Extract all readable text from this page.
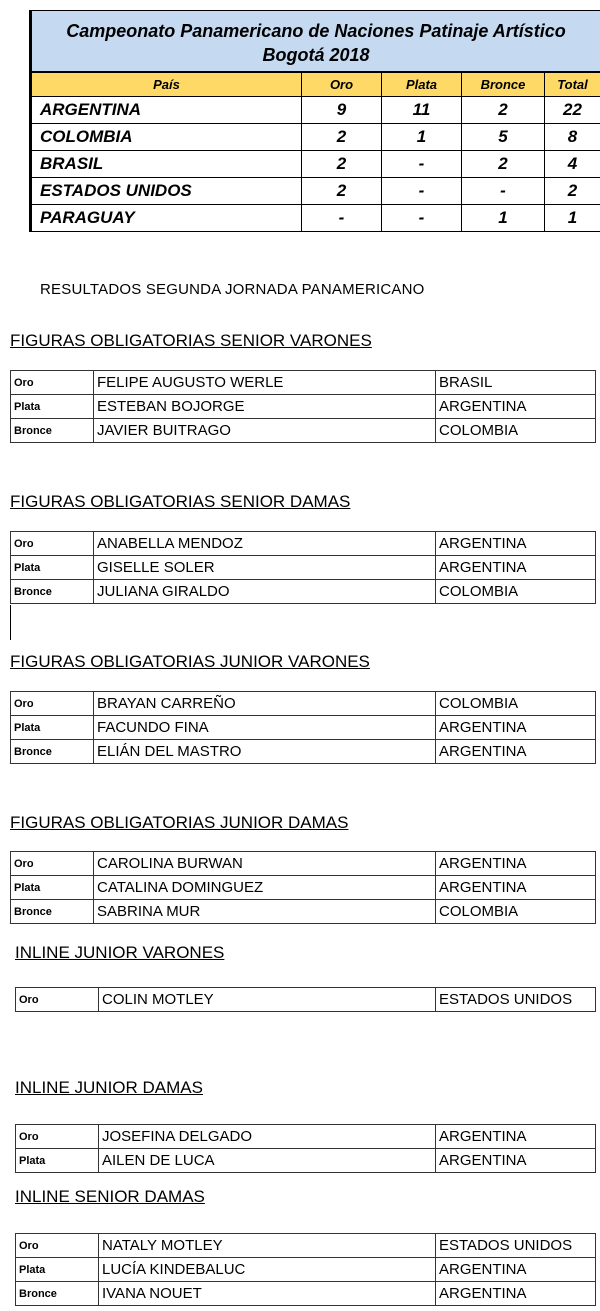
Campeonato Panamericano de Naciones Patinaje Artístico
Bogotá 2018
País	Oro	Plata	Bronce	Total
ARGENTINA	9	11	2	22
COLOMBIA	2	1	5	8
BRASIL	2	-	2	4
ESTADOS UNIDOS	2	-	-	2
PARAGUAY	-	-	1	1
RESULTADOS SEGUNDA JORNADA PANAMERICANO
FIGURAS OBLIGATORIAS SENIOR VARONES
Oro	FELIPE AUGUSTO WERLE	BRASIL
Plata	ESTEBAN BOJORGE	ARGENTINA
Bronce	JAVIER BUITRAGO	COLOMBIA
FIGURAS OBLIGATORIAS SENIOR DAMAS
Oro	ANABELLA MENDOZ	ARGENTINA
Plata	GISELLE SOLER	ARGENTINA
Bronce	JULIANA GIRALDO	COLOMBIA
FIGURAS OBLIGATORIAS JUNIOR VARONES
Oro	BRAYAN CARREÑO	COLOMBIA
Plata	FACUNDO FINA	ARGENTINA
Bronce	ELIÁN DEL MASTRO	ARGENTINA
FIGURAS OBLIGATORIAS JUNIOR DAMAS
Oro	CAROLINA BURWAN	ARGENTINA
Plata	CATALINA DOMINGUEZ	ARGENTINA
Bronce	SABRINA MUR	COLOMBIA
INLINE JUNIOR VARONES
Oro	COLIN MOTLEY	ESTADOS UNIDOS
INLINE JUNIOR DAMAS
Oro	JOSEFINA DELGADO	ARGENTINA
Plata	AILEN DE LUCA	ARGENTINA
INLINE SENIOR DAMAS
Oro	NATALY MOTLEY	ESTADOS UNIDOS
Plata	LUCÍA KINDEBALUC	ARGENTINA
Bronce	IVANA NOUET	ARGENTINA
